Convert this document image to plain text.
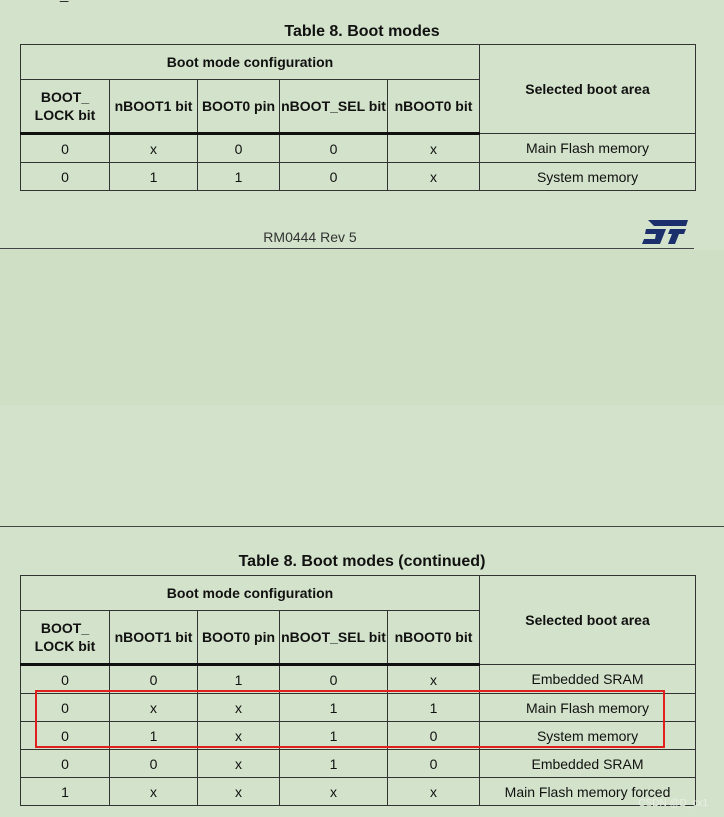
Table 8. Boot modes
Boot mode configuration					Selected boot area
BOOT_ LOCK bit	nBOOT1 bit	BOOT0 pin	nBOOT_SEL bit	nBOOT0 bit	
0	x	0	0	x	Main Flash memory
0	1	1	0	x	System memory
RM0444 Rev 5
Table 8. Boot modes (continued)
Boot mode configuration					Selected boot area
BOOT_ LOCK bit	nBOOT1 bit	BOOT0 pin	nBOOT_SEL bit	nBOOT0 bit	
0	0	1	0	x	Embedded SRAM
0	x	x	1	1	Main Flash memory
0	1	x	1	0	System memory
0	0	x	1	0	Embedded SRAM
1	x	x	x	x	Main Flash memory forced
CSDN @D_cx1
